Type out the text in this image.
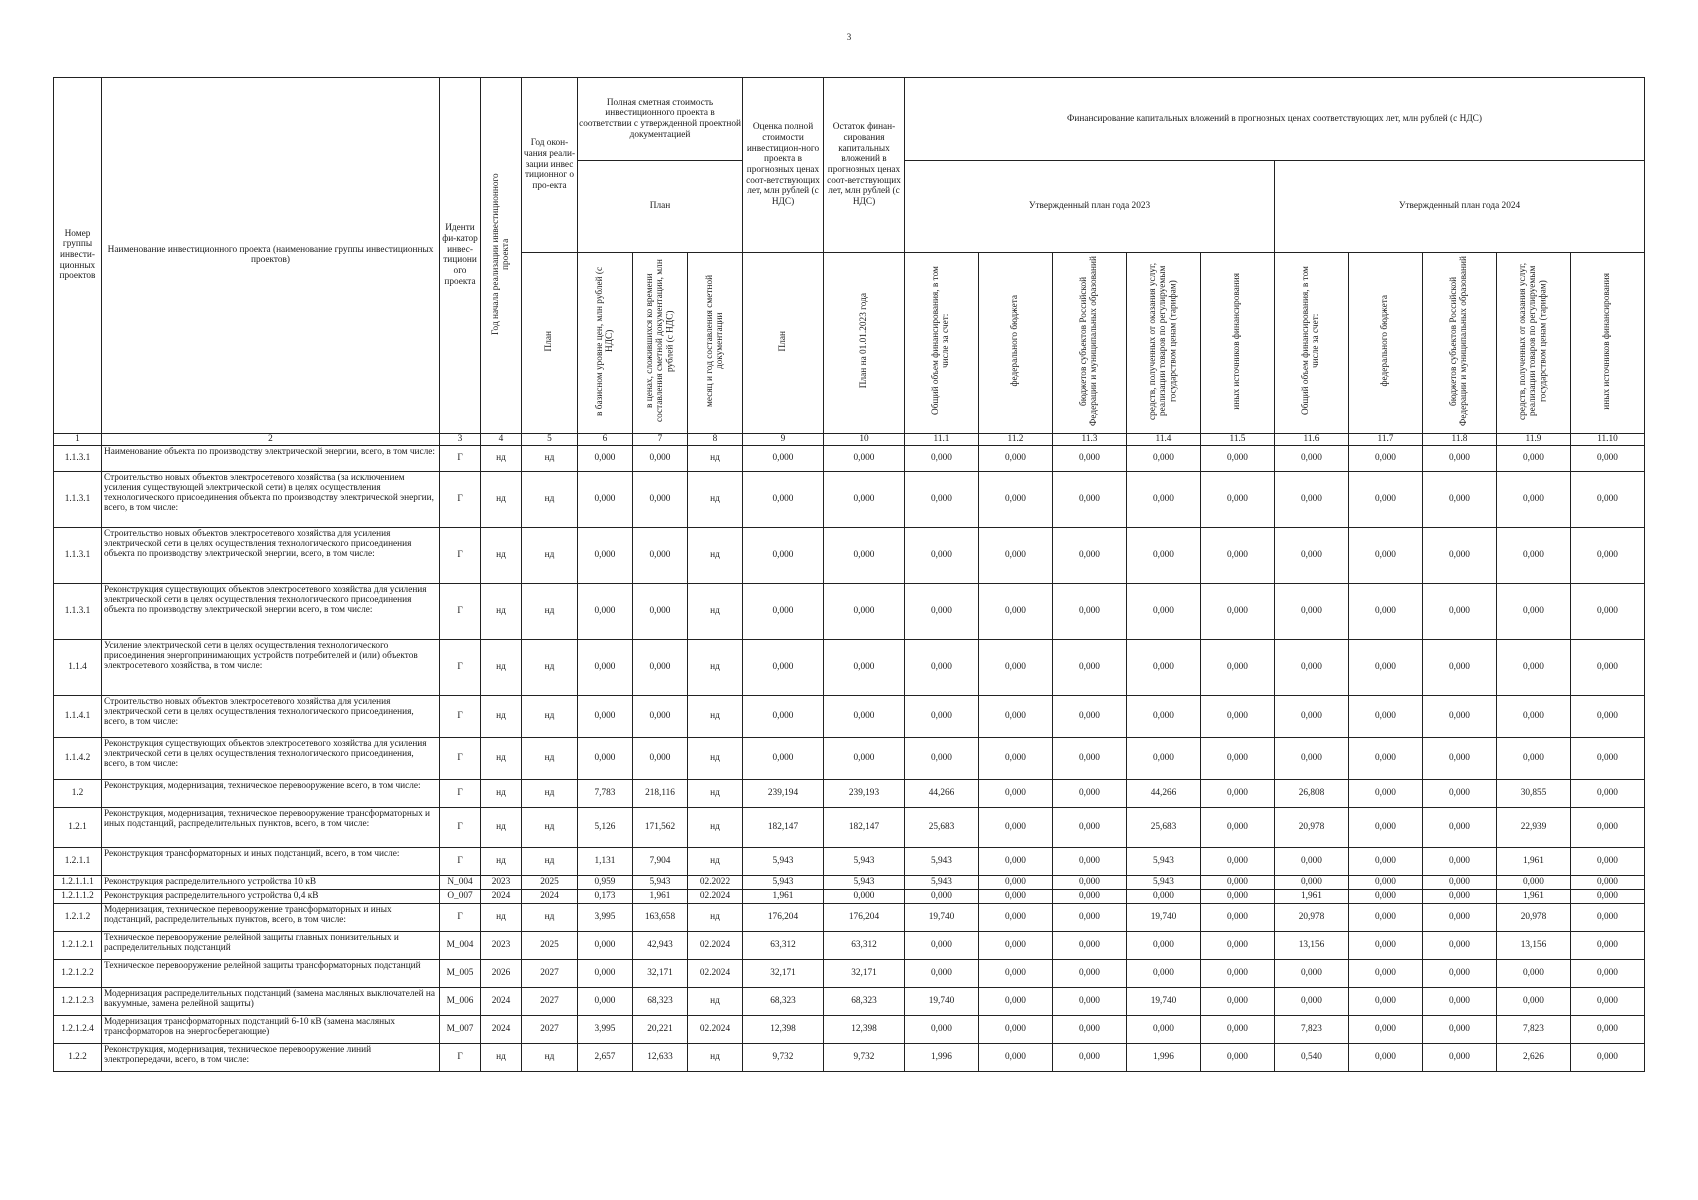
3
Номер группы инвести-ционных проектов	Наименование инвестиционного проекта (наименование группы инвестиционных проектов)	Иденти фи-катор инвес-тициони ого проекта	Год начала реализации инвестиционного проекта	Год окон-чания реали-зации инвес тиционног о про-екта	Полная сметная стоимость инвестиционного проекта в соответствии с утвержденной проектной документацией			Оценка полной стоимости инвестицион-ного проекта в прогнозных ценах соот-ветствующих лет, млн рублей (с НДС)	Остаток финан-сирования капитальных вложений в прогнозных ценах соот-ветствующих лет, млн рублей (с НДС)	Финансирование капитальных вложений в прогнозных ценах соответствующих лет, млн рублей (с НДС)									
					План					Утвержденный план года 2023					Утвержденный план года 2024				
				План	в базисном уровне цен, млн рублей (с НДС)	в ценах, сложившихся ко времени составления сметной документации, млн рублей (с НДС)	месяц и год составления сметной документации	План	План на 01.01.2023 года	Общий объем финансирования, в том числе за счет:	федерального бюджета	бюджетов субъектов Российской Федерации и муниципальных образований	средств, полученных от оказания услуг, реализации товаров по регулируемым государством ценам (тарифам)	иных источников финансирования	Общий объем финансирования, в том числе за счет:	федерального бюджета	бюджетов субъектов Российской Федерации и муниципальных образований	средств, полученных от оказания услуг, реализации товаров по регулируемым государством ценам (тарифам)	иных источников финансирования
1	2	3	4	5	6	7	8	9	10	11.1	11.2	11.3	11.4	11.5	11.6	11.7	11.8	11.9	11.10
1.1.3.1	Наименование объекта по производству электрической энергии, всего, в том числе:	Г	нд	нд	0,000	0,000	нд	0,000	0,000	0,000	0,000	0,000	0,000	0,000	0,000	0,000	0,000	0,000	0,000
1.1.3.1	Строительство новых объектов электросетевого хозяйства (за исключением усиления существующей электрической сети) в целях осуществления технологического присоединения объекта по производству электрической энергии, всего, в том числе:	Г	нд	нд	0,000	0,000	нд	0,000	0,000	0,000	0,000	0,000	0,000	0,000	0,000	0,000	0,000	0,000	0,000
1.1.3.1	Строительство новых объектов электросетевого хозяйства для усиления электрической сети в целях осуществления технологического присоединения объекта по производству электрической энергии, всего, в том числе:	Г	нд	нд	0,000	0,000	нд	0,000	0,000	0,000	0,000	0,000	0,000	0,000	0,000	0,000	0,000	0,000	0,000
1.1.3.1	Реконструкция существующих объектов электросетевого хозяйства для усиления электрической сети в целях осуществления технологического присоединения объекта по производству электрической энергии всего, в том числе:	Г	нд	нд	0,000	0,000	нд	0,000	0,000	0,000	0,000	0,000	0,000	0,000	0,000	0,000	0,000	0,000	0,000
1.1.4	Усиление электрической сети в целях осуществления технологического присоединения энергопринимающих устройств потребителей и (или) объектов электросетевого хозяйства, в том числе:	Г	нд	нд	0,000	0,000	нд	0,000	0,000	0,000	0,000	0,000	0,000	0,000	0,000	0,000	0,000	0,000	0,000
1.1.4.1	Строительство новых объектов электросетевого хозяйства для усиления электрической сети в целях осуществления технологического присоединения, всего, в том числе:	Г	нд	нд	0,000	0,000	нд	0,000	0,000	0,000	0,000	0,000	0,000	0,000	0,000	0,000	0,000	0,000	0,000
1.1.4.2	Реконструкция существующих объектов электросетевого хозяйства для усиления электрической сети в целях осуществления технологического присоединения, всего, в том числе:	Г	нд	нд	0,000	0,000	нд	0,000	0,000	0,000	0,000	0,000	0,000	0,000	0,000	0,000	0,000	0,000	0,000
1.2	Реконструкция, модернизация, техническое перевооружение всего, в том числе:	Г	нд	нд	7,783	218,116	нд	239,194	239,193	44,266	0,000	0,000	44,266	0,000	26,808	0,000	0,000	30,855	0,000
1.2.1	Реконструкция, модернизация, техническое перевооружение трансформаторных и иных подстанций, распределительных пунктов, всего, в том числе:	Г	нд	нд	5,126	171,562	нд	182,147	182,147	25,683	0,000	0,000	25,683	0,000	20,978	0,000	0,000	22,939	0,000
1.2.1.1	Реконструкция трансформаторных и иных подстанций, всего, в том числе:	Г	нд	нд	1,131	7,904	нд	5,943	5,943	5,943	0,000	0,000	5,943	0,000	0,000	0,000	0,000	1,961	0,000
1.2.1.1.1	Реконструкция распределительного устройства 10 кВ	N_004	2023	2025	0,959	5,943	02.2022	5,943	5,943	5,943	0,000	0,000	5,943	0,000	0,000	0,000	0,000	0,000	0,000
1.2.1.1.2	Реконструкция распределительного устройства 0,4 кВ	O_007	2024	2024	0,173	1,961	02.2024	1,961	0,000	0,000	0,000	0,000	0,000	0,000	1,961	0,000	0,000	1,961	0,000
1.2.1.2	Модернизация, техническое перевооружение трансформаторных и иных подстанций, распределительных пунктов, всего, в том числе:	Г	нд	нд	3,995	163,658	нд	176,204	176,204	19,740	0,000	0,000	19,740	0,000	20,978	0,000	0,000	20,978	0,000
1.2.1.2.1	Техническое перевооружение релейной защиты главных понизительных и распределительных подстанций	M_004	2023	2025	0,000	42,943	02.2024	63,312	63,312	0,000	0,000	0,000	0,000	0,000	13,156	0,000	0,000	13,156	0,000
1.2.1.2.2	Техническое перевооружение релейной защиты трансформаторных подстанций	M_005	2026	2027	0,000	32,171	02.2024	32,171	32,171	0,000	0,000	0,000	0,000	0,000	0,000	0,000	0,000	0,000	0,000
1.2.1.2.3	Модернизация распределительных подстанций (замена масляных выключателей на вакуумные, замена релейной защиты)	M_006	2024	2027	0,000	68,323	нд	68,323	68,323	19,740	0,000	0,000	19,740	0,000	0,000	0,000	0,000	0,000	0,000
1.2.1.2.4	Модернизация трансформаторных подстанций 6-10 кВ (замена масляных трансформаторов на энергосберегающие)	M_007	2024	2027	3,995	20,221	02.2024	12,398	12,398	0,000	0,000	0,000	0,000	0,000	7,823	0,000	0,000	7,823	0,000
1.2.2	Реконструкция, модернизация, техническое перевооружение линий электропередачи, всего, в том числе:	Г	нд	нд	2,657	12,633	нд	9,732	9,732	1,996	0,000	0,000	1,996	0,000	0,540	0,000	0,000	2,626	0,000
